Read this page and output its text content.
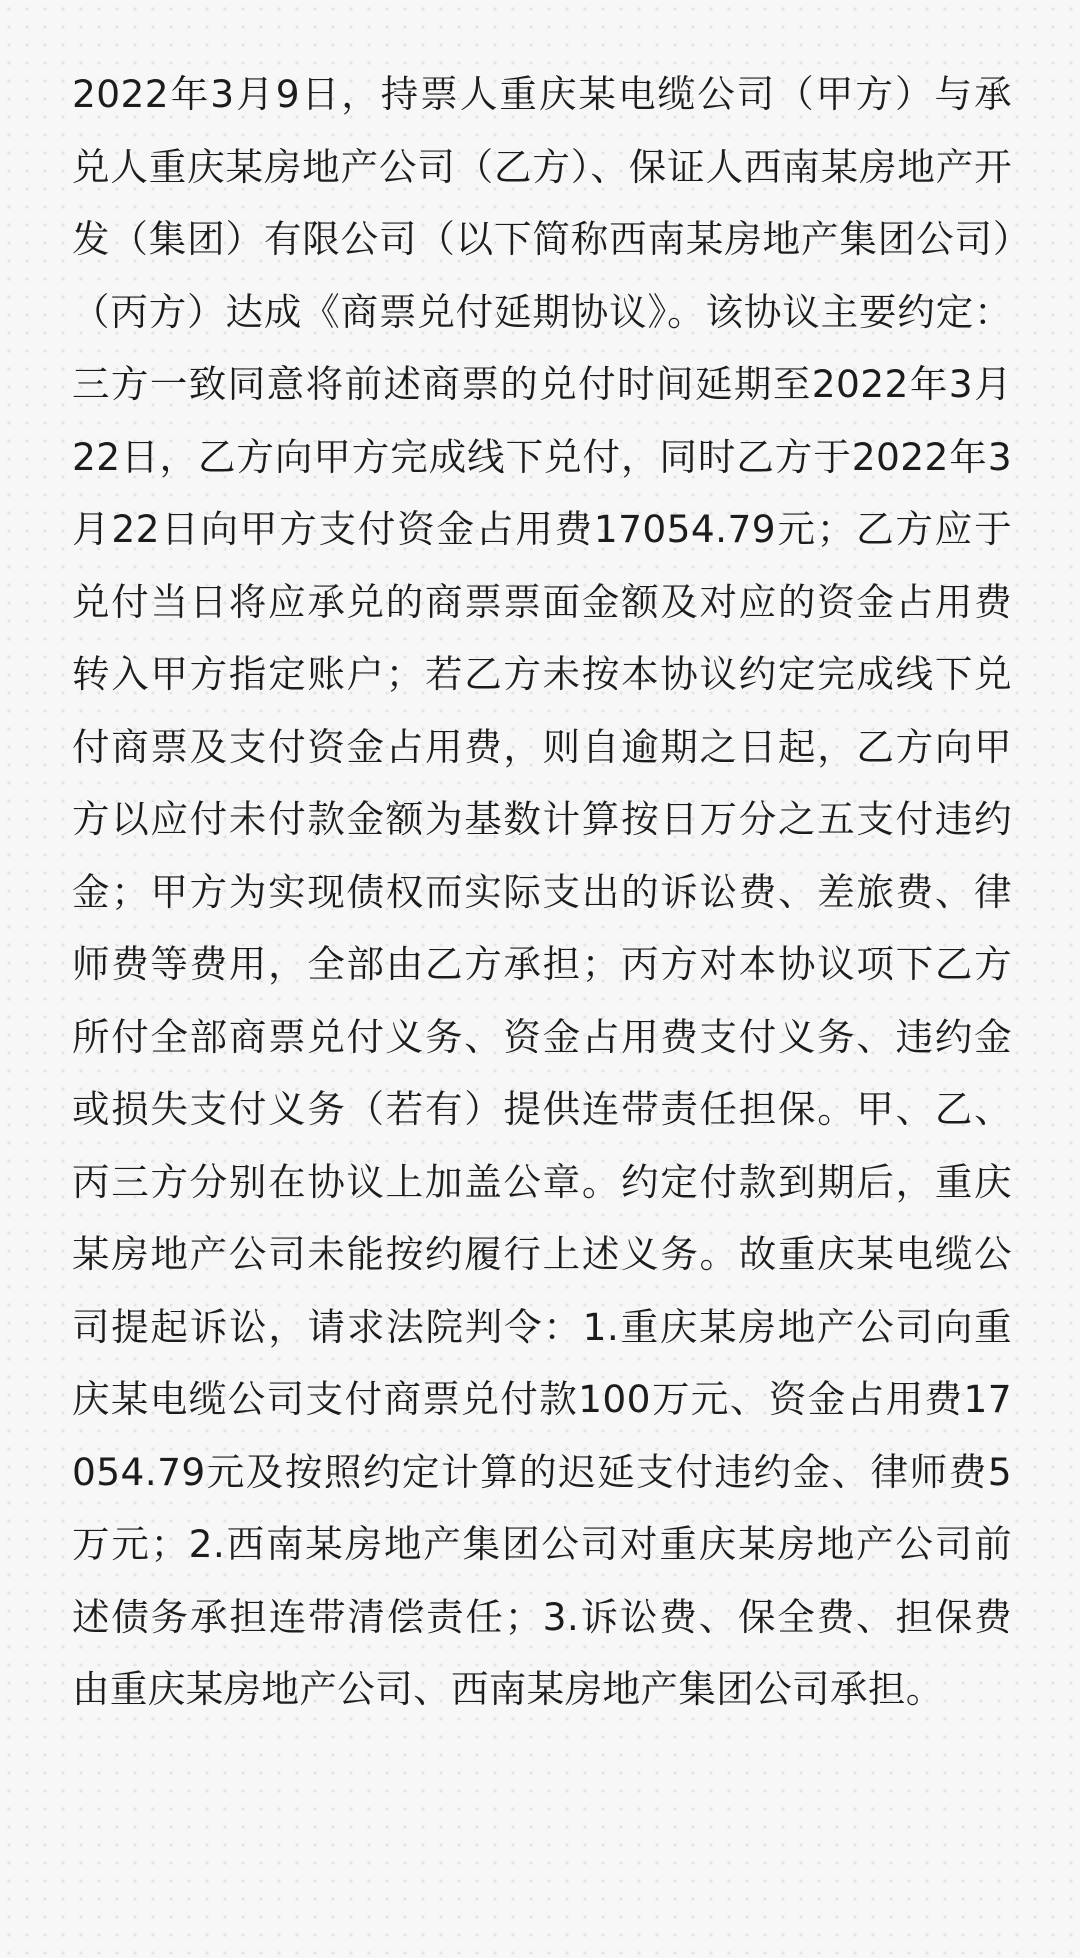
2022年3月9日，持票人重庆某电缆公司（甲方）与承兑人重庆某房地产公司（乙方）、保证人西南某房地产开发（集团）有限公司（以下简称西南某房地产集团公司）（丙方）达成《商票兑付延期协议》。该协议主要约定：三方一致同意将前述商票的兑付时间延期至2022年3月22日，乙方向甲方完成线下兑付，同时乙方于2022年3月22日向甲方支付资金占用费17054.79元；乙方应于兑付当日将应承兑的商票票面金额及对应的资金占用费转入甲方指定账户；若乙方未按本协议约定完成线下兑付商票及支付资金占用费，则自逾期之日起，乙方向甲方以应付未付款金额为基数计算按日万分之五支付违约金；甲方为实现债权而实际支出的诉讼费、差旅费、律师费等费用，全部由乙方承担；丙方对本协议项下乙方所付全部商票兑付义务、资金占用费支付义务、违约金或损失支付义务（若有）提供连带责任担保。甲、乙、丙三方分别在协议上加盖公章。约定付款到期后，重庆某房地产公司未能按约履行上述义务。故重庆某电缆公司提起诉讼，请求法院判令：1.重庆某房地产公司向重庆某电缆公司支付商票兑付款100万元、资金占用费17054.79元及按照约定计算的迟延支付违约金、律师费5万元；2.西南某房地产集团公司对重庆某房地产公司前述债务承担连带清偿责任；3.诉讼费、保全费、担保费由重庆某房地产公司、西南某房地产集团公司承担。
